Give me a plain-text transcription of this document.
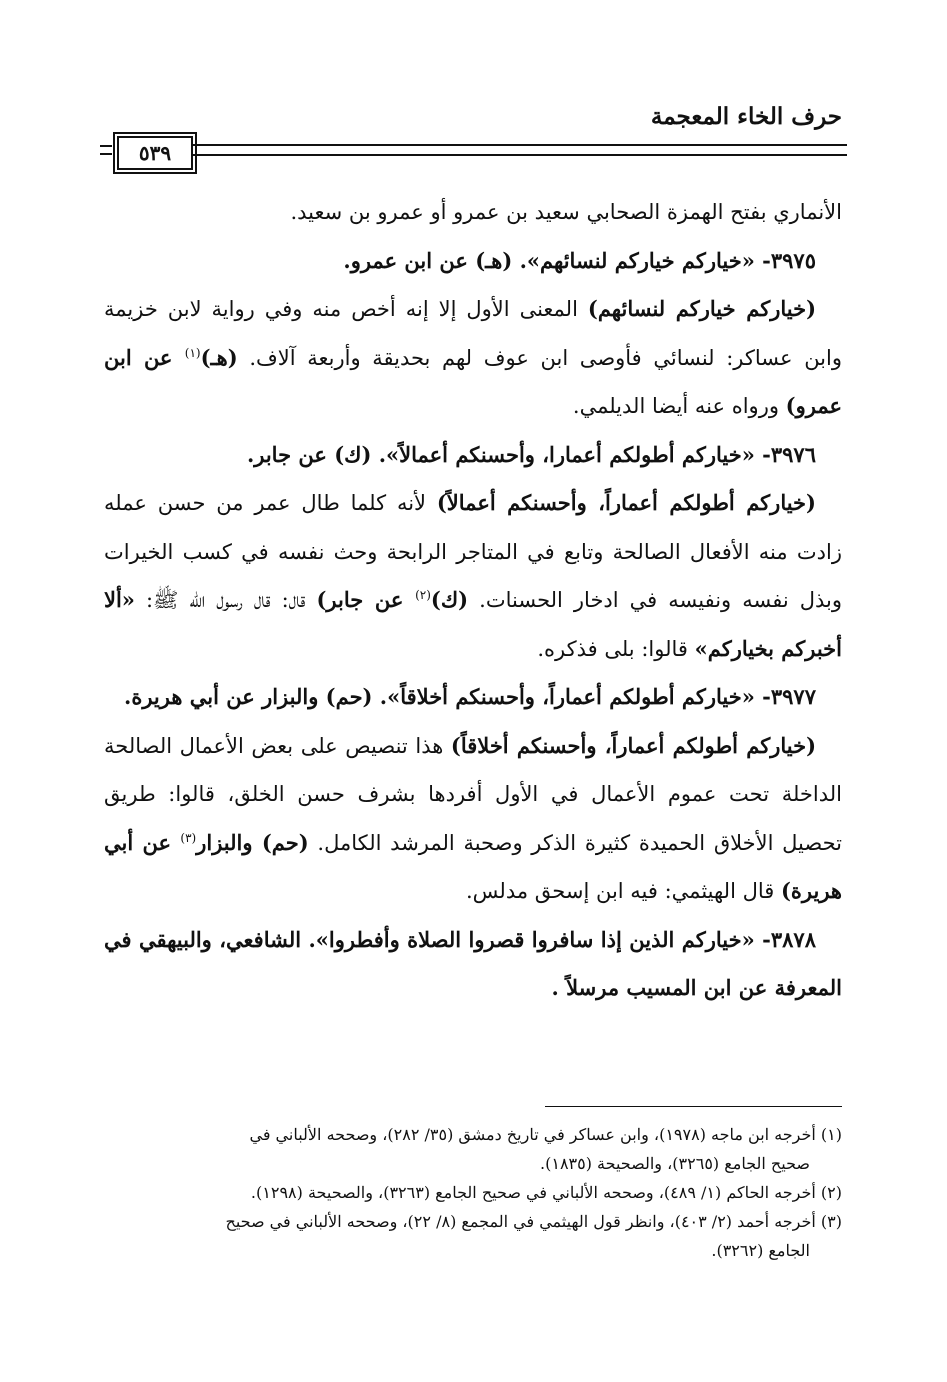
حرف الخاء المعجمة
٥٣٩

الأنماري بفتح الهمزة الصحابي سعيد بن عمرو أو عمرو بن سعيد.

٣٩٧٥- «خياركم خياركم لنسائهم». (هـ) عن ابن عمرو.

(خياركم خياركم لنسائهم) المعنى الأول إلا إنه أخص منه وفي رواية لابن خزيمة وابن عساكر: لنسائي فأوصى ابن عوف لهم بحديقة وأربعة آلاف. (هـ)$^{(١)}$ عن ابن عمرو) ورواه عنه أيضا الديلمي.

٣٩٧٦- «خياركم أطولكم أعمارا، وأحسنكم أعمالاً». (ك) عن جابر.

(خياركم أطولكم أعماراً، وأحسنكم أعمالاً) لأنه كلما طال عمر من حسن عمله زادت منه الأفعال الصالحة وتابع في المتاجر الرابحة وحث نفسه في كسب الخيرات وبذل نفسه ونفيسه في ادخار الحسنات. (ك)$^{(٢)}$ عن جابر) قال: قال رسول الله ﷺ: «ألا أخبركم بخياركم» قالوا: بلى فذكره.

٣٩٧٧- «خياركم أطولكم أعماراً، وأحسنكم أخلاقاً». (حم) والبزار عن أبي هريرة.

(خياركم أطولكم أعماراً، وأحسنكم أخلاقاً) هذا تنصيص على بعض الأعمال الصالحة الداخلة تحت عموم الأعمال في الأول أفردها بشرف حسن الخلق، قالوا: طريق تحصيل الأخلاق الحميدة كثيرة الذكر وصحبة المرشد الكامل. (حم) والبزار$^{(٣)}$ عن أبي هريرة) قال الهيثمي: فيه ابن إسحق مدلس.

٣٨٧٨- «خياركم الذين إذا سافروا قصروا الصلاة وأفطروا». الشافعي، والبيهقي في المعرفة عن ابن المسيب مرسلاً .

(١) أخرجه ابن ماجه (١٩٧٨)، وابن عساكر في تاريخ دمشق (٣٥/ ٢٨٢)، وصححه الألباني في

صحيح الجامع (٣٢٦٥)، والصحيحة (١٨٣٥).

(٢) أخرجه الحاكم (١/ ٤٨٩)، وصححه الألباني في صحيح الجامع (٣٢٦٣)، والصحيحة (١٢٩٨).

(٣) أخرجه أحمد (٢/ ٤٠٣)، وانظر قول الهيثمي في المجمع (٨/ ٢٢)، وصححه الألباني في صحيح

الجامع (٣٢٦٢).
